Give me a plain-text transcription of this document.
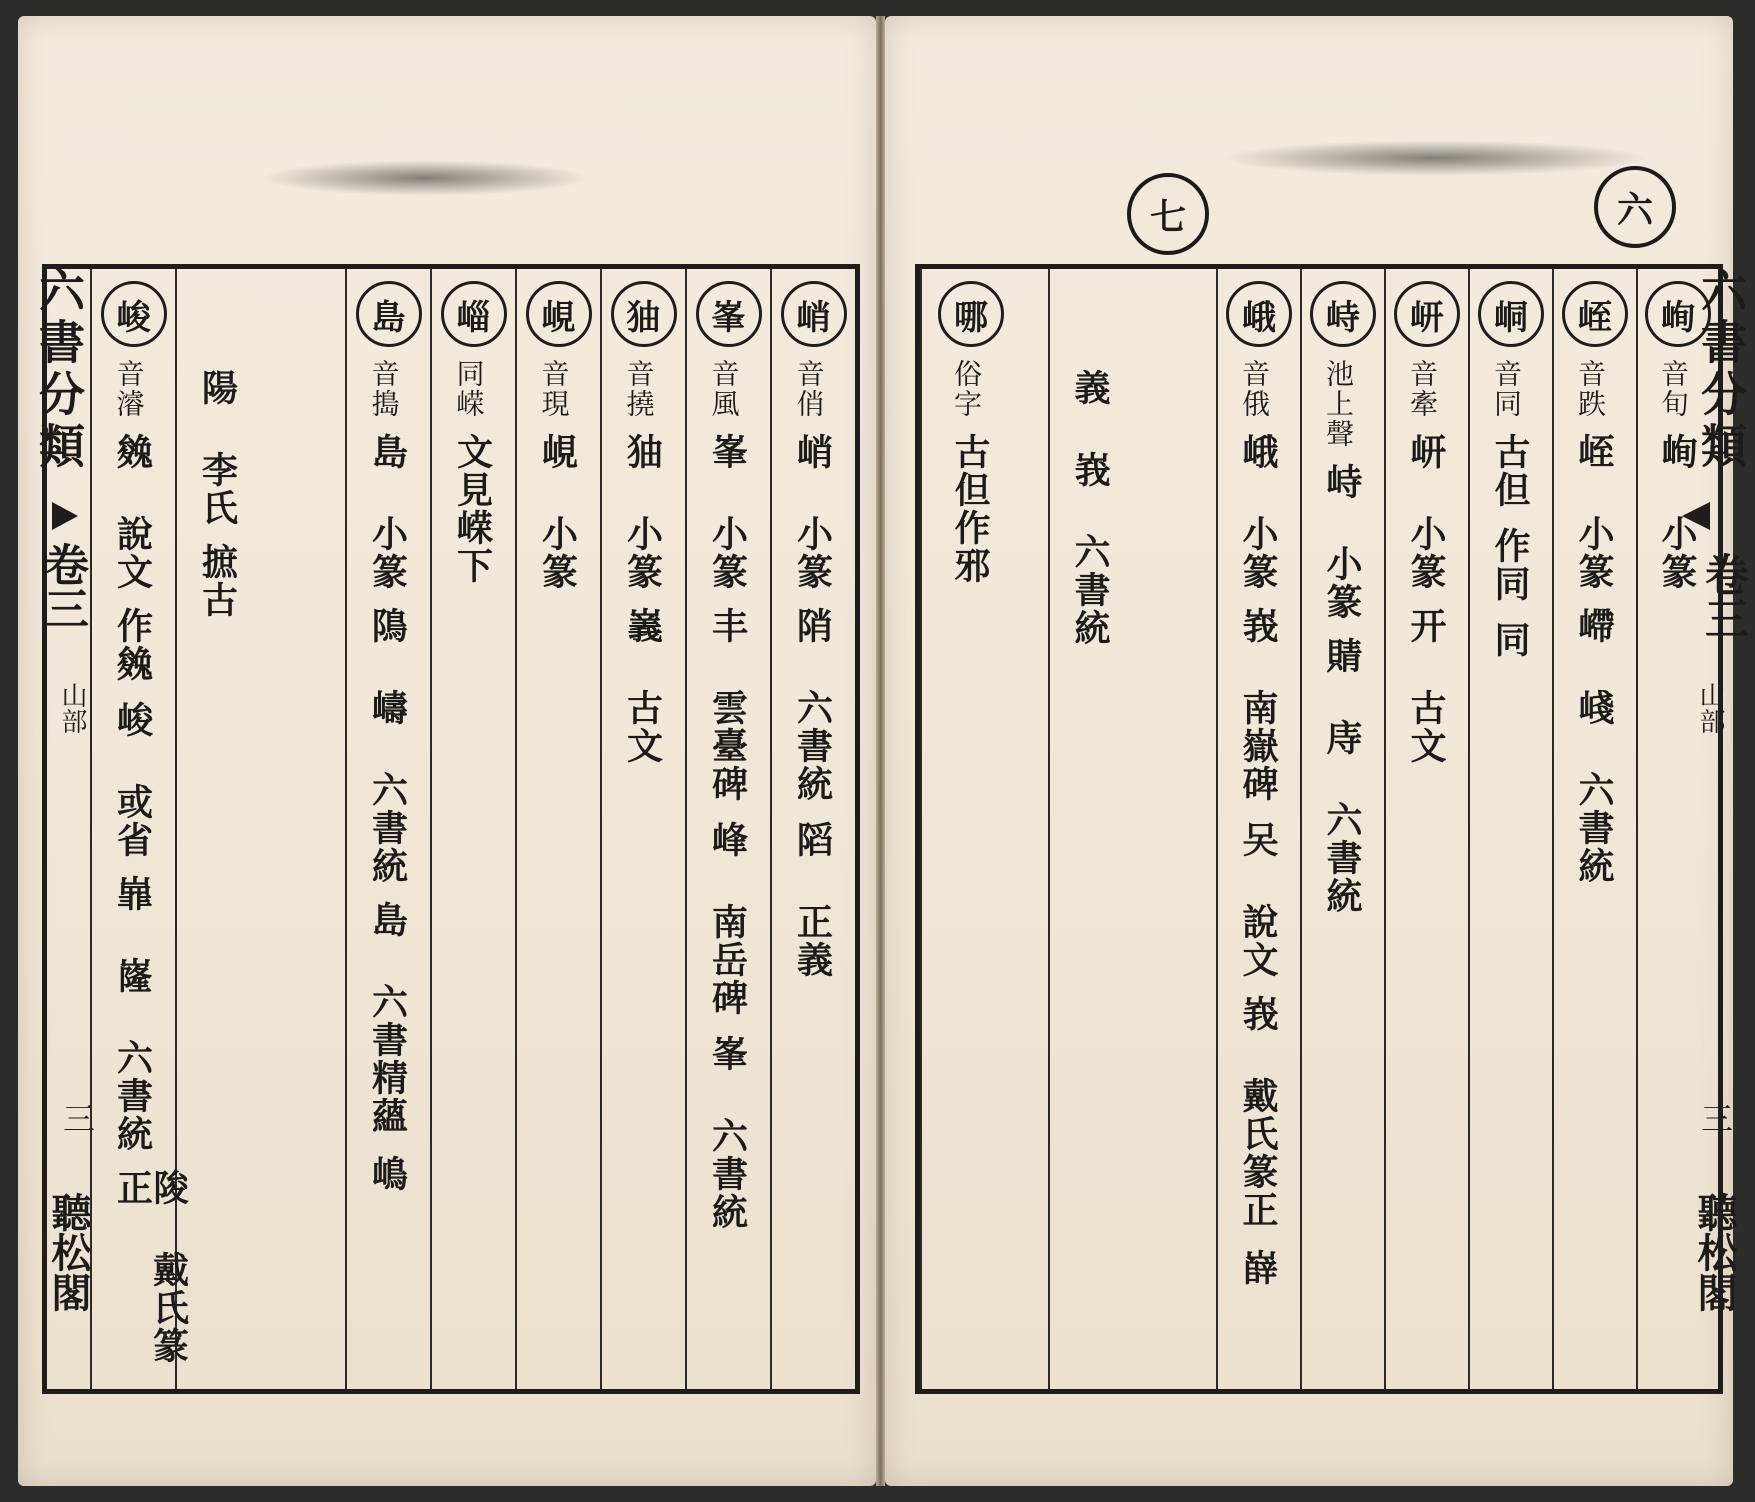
六書分類
卷三
山部
三
聽松閣
峭
音俏
峭 小篆
陗 六書統
䧟 正義
峯
音風
峯 小篆
丰 雲臺碑
峰 南岳碑
峯 六書統
㹨
音撓
㹨 小篆
㠖 古文
峴
音現
峴 小篆
崰
同嵘
文見嵘下
島
音搗
島 小篆
隝 嶹 六書統
島 六書精蘊
嶋
陽 李氏
摭古
峻
音濬
㕙 說文
作㕙
峻 或省
㠑 嶐 六書統
陖 戴氏篆正
七	六
峋
音旬
峋 小篆
峌
音跌
峌 小篆
嵽 㟞 六書統
峒
音同
古但
作同
同
岍
音牽
岍 小篆
开 古文
峙
池上聲
峙 小篆
䝼 庤 六書統
峨
音俄
峨 小篆
峩 南嶽碑
㕦 說文
峩 戴氏篆正
嶭
義 峩 六書統
哪
俗字
古但作邪
六書分類
卷三
山部
三
聽松閣
